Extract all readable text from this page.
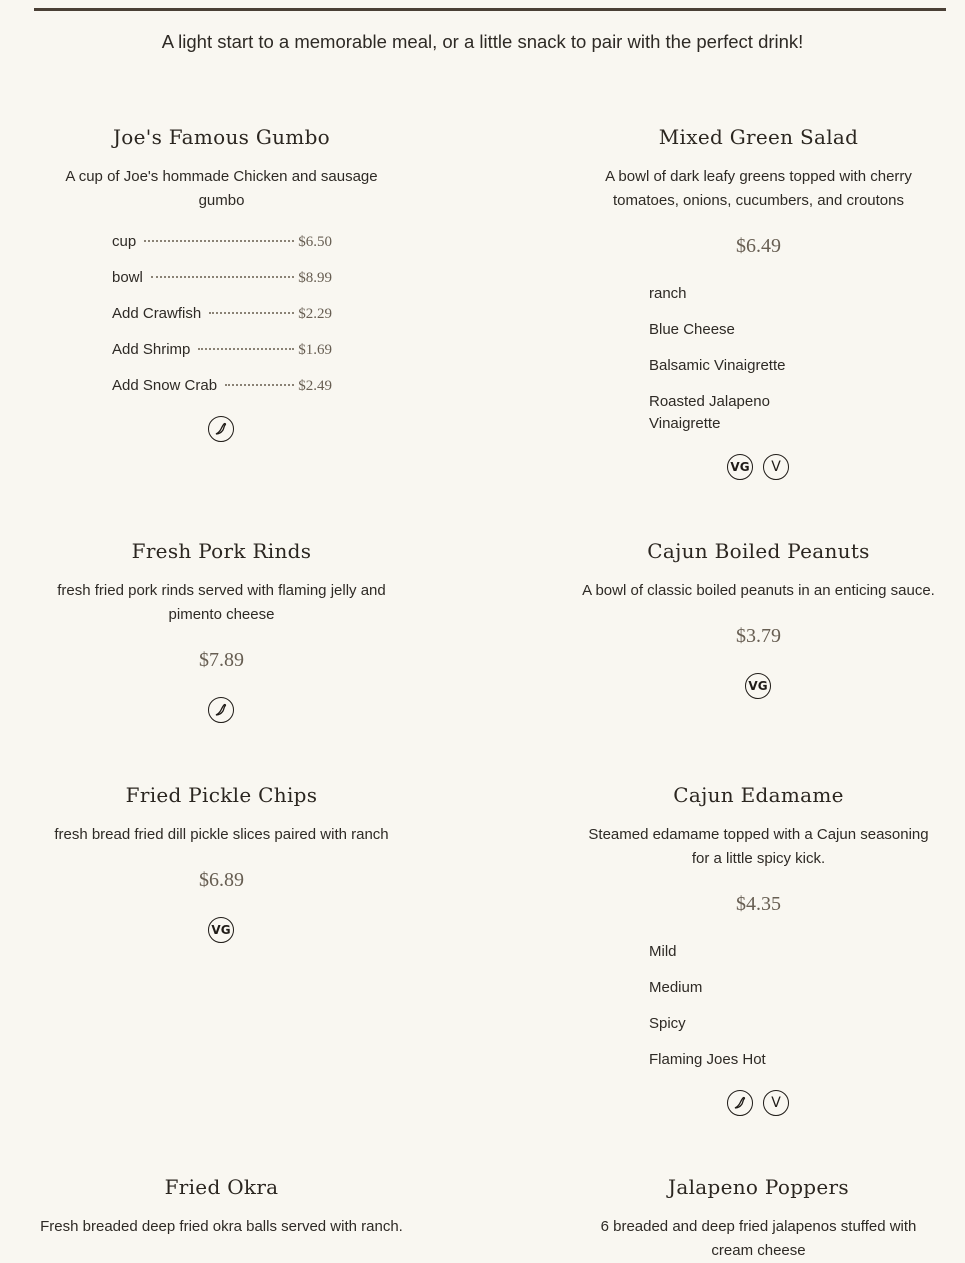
A light start to a memorable meal, or a little snack to pair with the perfect drink!
Joe's Famous Gumbo
A cup of Joe's hommade Chicken and sausage gumbo
cup	$6.50
bowl	$8.99
Add Crawfish	$2.29
Add Shrimp	$1.69
Add Snow Crab	$2.49
Mixed Green Salad
A bowl of dark leafy greens topped with cherry tomatoes, onions, cucumbers, and croutons
$6.49
ranch
Blue Cheese
Balsamic Vinaigrette
Roasted Jalapeno Vinaigrette
VG	V
Fresh Pork Rinds
fresh fried pork rinds served with flaming jelly and pimento cheese
$7.89
Cajun Boiled Peanuts
A bowl of classic boiled peanuts in an enticing sauce.
$3.79
VG
Fried Pickle Chips
fresh bread fried dill pickle slices paired with ranch
$6.89
VG
Cajun Edamame
Steamed edamame topped with a Cajun seasoning for a little spicy kick.
$4.35
Mild
Medium
Spicy
Flaming Joes Hot
V
Fried Okra
Fresh breaded deep fried okra balls served with ranch.
Jalapeno Poppers
6 breaded and deep fried jalapenos stuffed with cream cheese
